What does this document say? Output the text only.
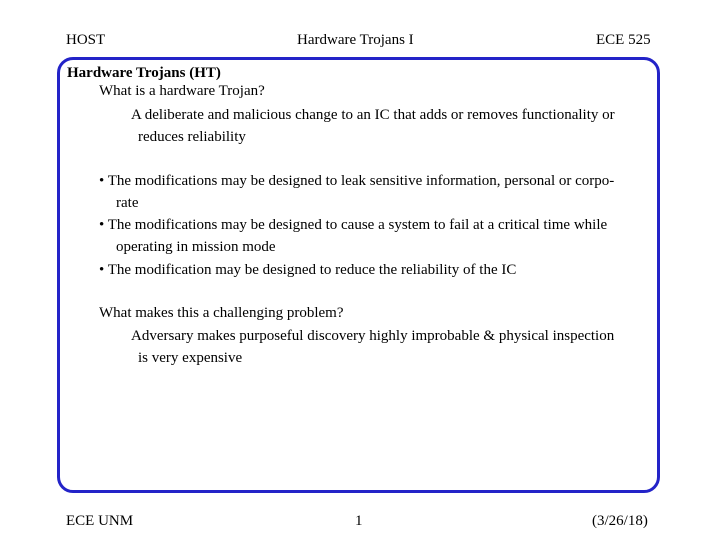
HOST	Hardware Trojans I	ECE 525
Hardware Trojans (HT)
What is a hardware Trojan?
A deliberate and malicious change to an IC that adds or removes functionality or
reduces reliability
• The modifications may be designed to leak sensitive information, personal or corpo-
rate
• The modifications may be designed to cause a system to fail at a critical time while
operating in mission mode
• The modification may be designed to reduce the reliability of the IC
What makes this a challenging problem?
Adversary makes purposeful discovery highly improbable & physical inspection
is very expensive
ECE UNM	1	(3/26/18)
